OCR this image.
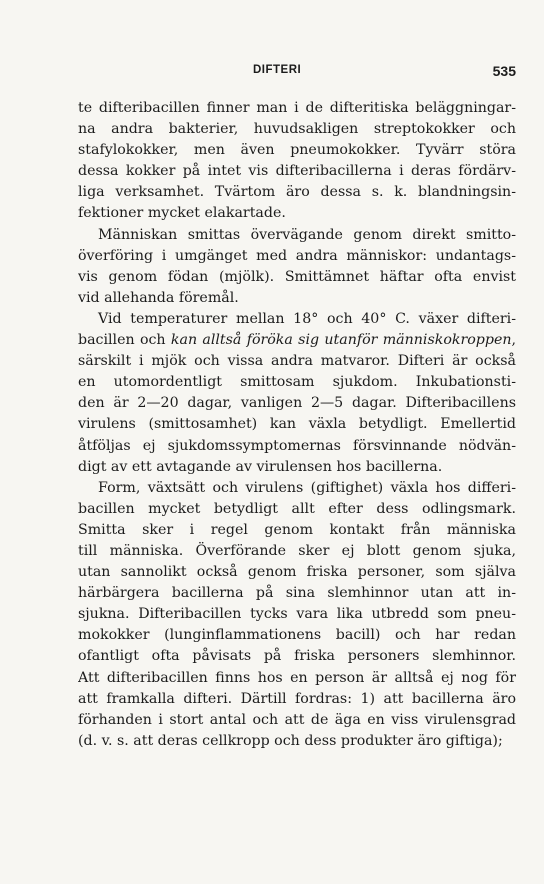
DIFTERI	535
te difteribacillen finner man i de difteritiska beläggningar-
na andra bakterier, huvudsakligen streptokokker och
stafylokokker, men även pneumokokker. Tyvärr störa
dessa kokker på intet vis difteribacillerna i deras fördärv-
liga verksamhet. Tvärtom äro dessa s. k. blandningsin-
fektioner mycket elakartade.
Människan smittas övervägande genom direkt smitto-
överföring i umgänget med andra människor: undantags-
vis genom födan (mjölk). Smittämnet häftar ofta envist
vid allehanda föremål.
Vid temperaturer mellan 18° och 40° C. växer difteri-
bacillen och kan alltså föröka sig utanför människokroppen,
särskilt i mjök och vissa andra matvaror. Difteri är också
en utomordentligt smittosam sjukdom. Inkubationsti-
den är 2—20 dagar, vanligen 2—5 dagar. Difteribacillens
virulens (smittosamhet) kan växla betydligt. Emellertid
åtföljas ej sjukdomssymptomernas försvinnande nödvän-
digt av ett avtagande av virulensen hos bacillerna.
Form, växtsätt och virulens (giftighet) växla hos differi-
bacillen mycket betydligt allt efter dess odlingsmark.
Smitta sker i regel genom kontakt från människa
till människa. Överförande sker ej blott genom sjuka,
utan sannolikt också genom friska personer, som själva
härbärgera bacillerna på sina slemhinnor utan att in-
sjukna. Difteribacillen tycks vara lika utbredd som pneu-
mokokker (lunginflammationens bacill) och har redan
ofantligt ofta påvisats på friska personers slemhinnor.
Att difteribacillen finns hos en person är alltså ej nog för
att framkalla difteri. Därtill fordras: 1) att bacillerna äro
förhanden i stort antal och att de äga en viss virulensgrad
(d. v. s. att deras cellkropp och dess produkter äro giftiga);
